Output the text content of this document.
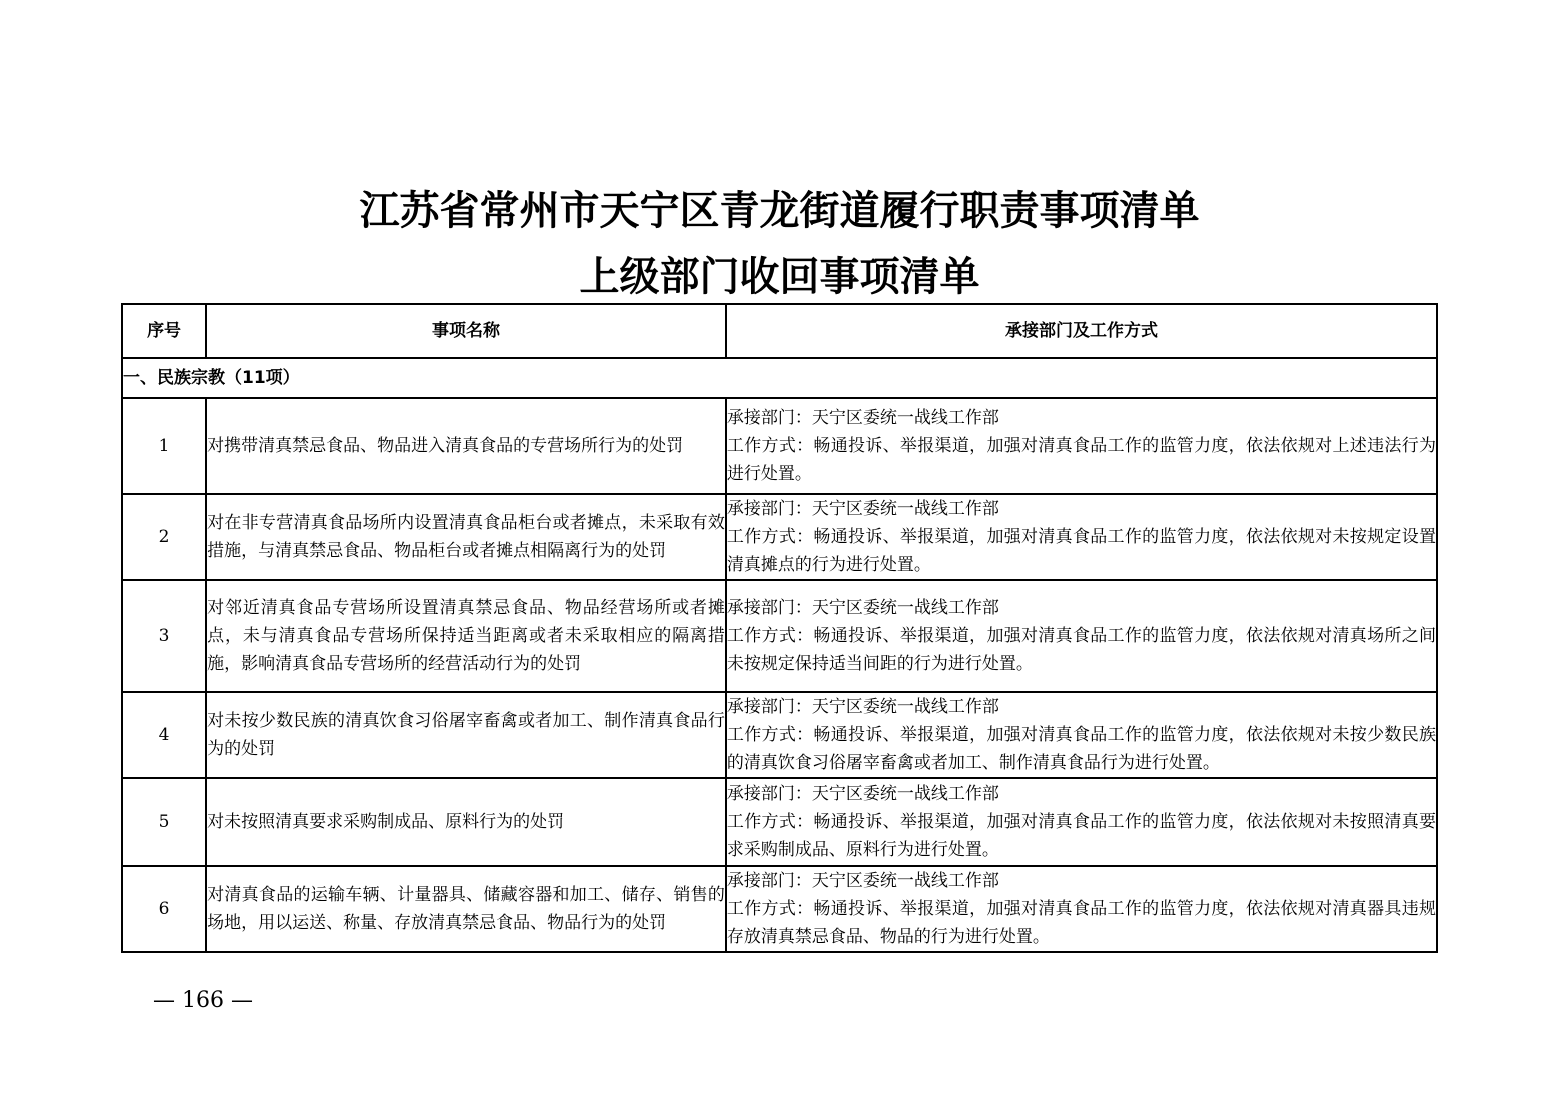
江苏省常州市天宁区青龙街道履行职责事项清单
上级部门收回事项清单
序号	事项名称	承接部门及工作方式
一、民族宗教（11项）		
1	对携带清真禁忌食品、物品进入清真食品的专营场所行为的处罚	承接部门：天宁区委统一战线工作部
工作方式：畅通投诉、举报渠道，加强对清真食品工作的监管力度，依法依规对上述违法行为进行处置。

2	对在非专营清真食品场所内设置清真食品柜台或者摊点，未采取有效措施，与清真禁忌食品、物品柜台或者摊点相隔离行为的处罚	承接部门：天宁区委统一战线工作部
工作方式：畅通投诉、举报渠道，加强对清真食品工作的监管力度，依法依规对未按规定设置清真摊点的行为进行处置。

3	对邻近清真食品专营场所设置清真禁忌食品、物品经营场所或者摊点，未与清真食品专营场所保持适当距离或者未采取相应的隔离措施，影响清真食品专营场所的经营活动行为的处罚	承接部门：天宁区委统一战线工作部
工作方式：畅通投诉、举报渠道，加强对清真食品工作的监管力度，依法依规对清真场所之间未按规定保持适当间距的行为进行处置。

4	对未按少数民族的清真饮食习俗屠宰畜禽或者加工、制作清真食品行为的处罚	承接部门：天宁区委统一战线工作部
工作方式：畅通投诉、举报渠道，加强对清真食品工作的监管力度，依法依规对未按少数民族的清真饮食习俗屠宰畜禽或者加工、制作清真食品行为进行处置。

5	对未按照清真要求采购制成品、原料行为的处罚	承接部门：天宁区委统一战线工作部
工作方式：畅通投诉、举报渠道，加强对清真食品工作的监管力度，依法依规对未按照清真要求采购制成品、原料行为进行处置。

6	对清真食品的运输车辆、计量器具、储藏容器和加工、储存、销售的场地，用以运送、称量、存放清真禁忌食品、物品行为的处罚	承接部门：天宁区委统一战线工作部
工作方式：畅通投诉、举报渠道，加强对清真食品工作的监管力度，依法依规对清真器具违规存放清真禁忌食品、物品的行为进行处置。
— 166 —
